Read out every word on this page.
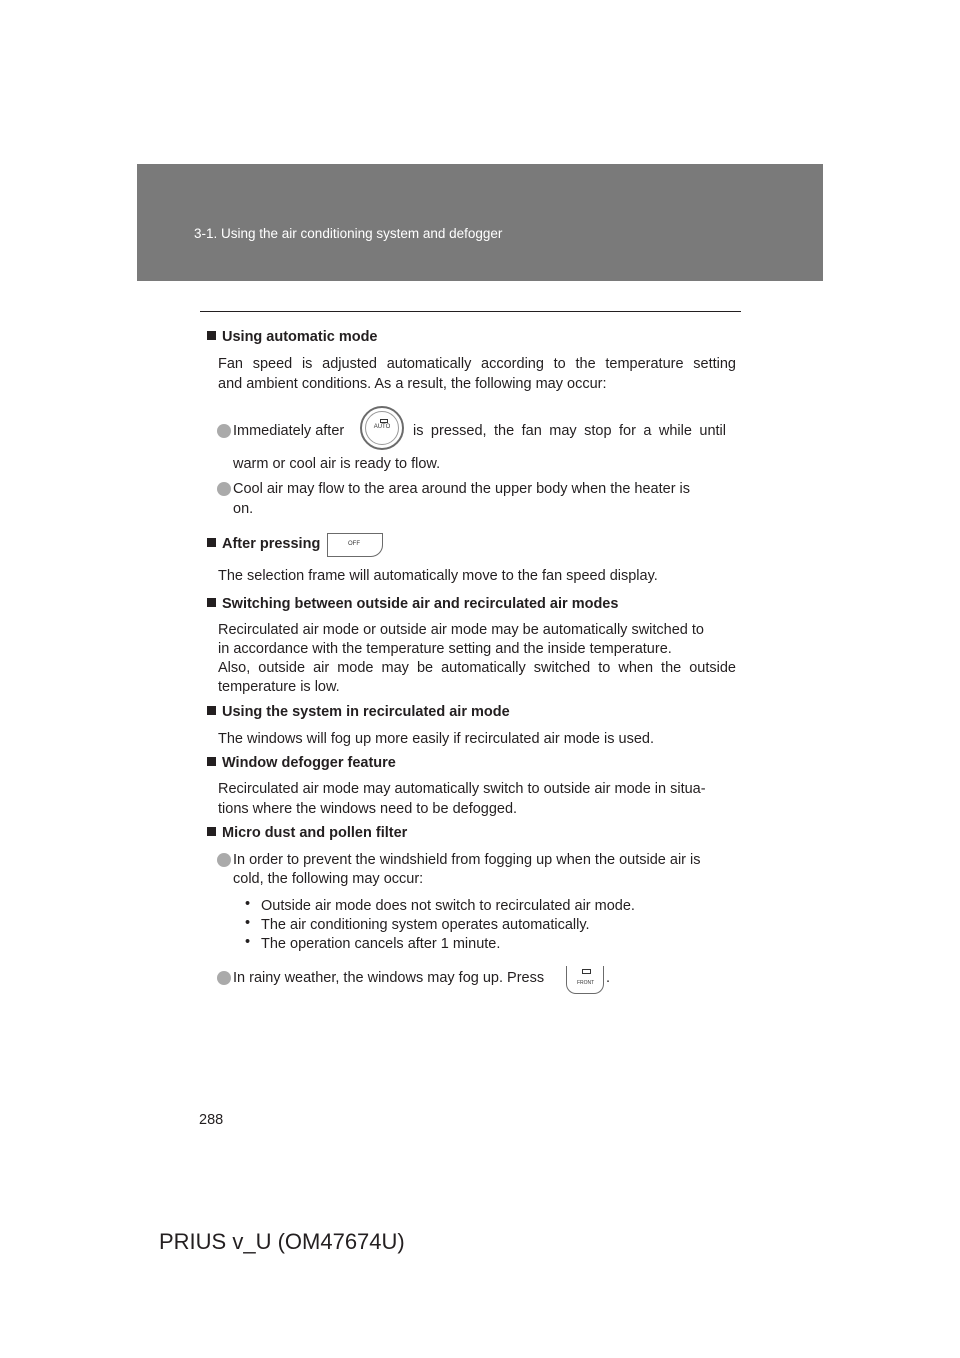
3-1. Using the air conditioning system and defogger
Using automatic mode
Fan speed is adjusted automatically according to the temperature setting
and ambient conditions. As a result, the following may occur:
Immediately after	AUTO	is pressed, the fan may stop for a while until
warm or cool air is ready to flow.
Cool air may flow to the area around the upper body when the heater is
on.
After pressing	OFF
The selection frame will automatically move to the fan speed display.
Switching between outside air and recirculated air modes
Recirculated air mode or outside air mode may be automatically switched to
in accordance with the temperature setting and the inside temperature.
Also, outside air mode may be automatically switched to when the outside
temperature is low.
Using the system in recirculated air mode
The windows will fog up more easily if recirculated air mode is used.
Window defogger feature
Recirculated air mode may automatically switch to outside air mode in situa-
tions where the windows need to be defogged.
Micro dust and pollen filter
In order to prevent the windshield from fogging up when the outside air is
cold, the following may occur:
• Outside air mode does not switch to recirculated air mode.
• The air conditioning system operates automatically.
• The operation cancels after 1 minute.
In rainy weather, the windows may fog up. Press	FRONT .
288
PRIUS v_U (OM47674U)
